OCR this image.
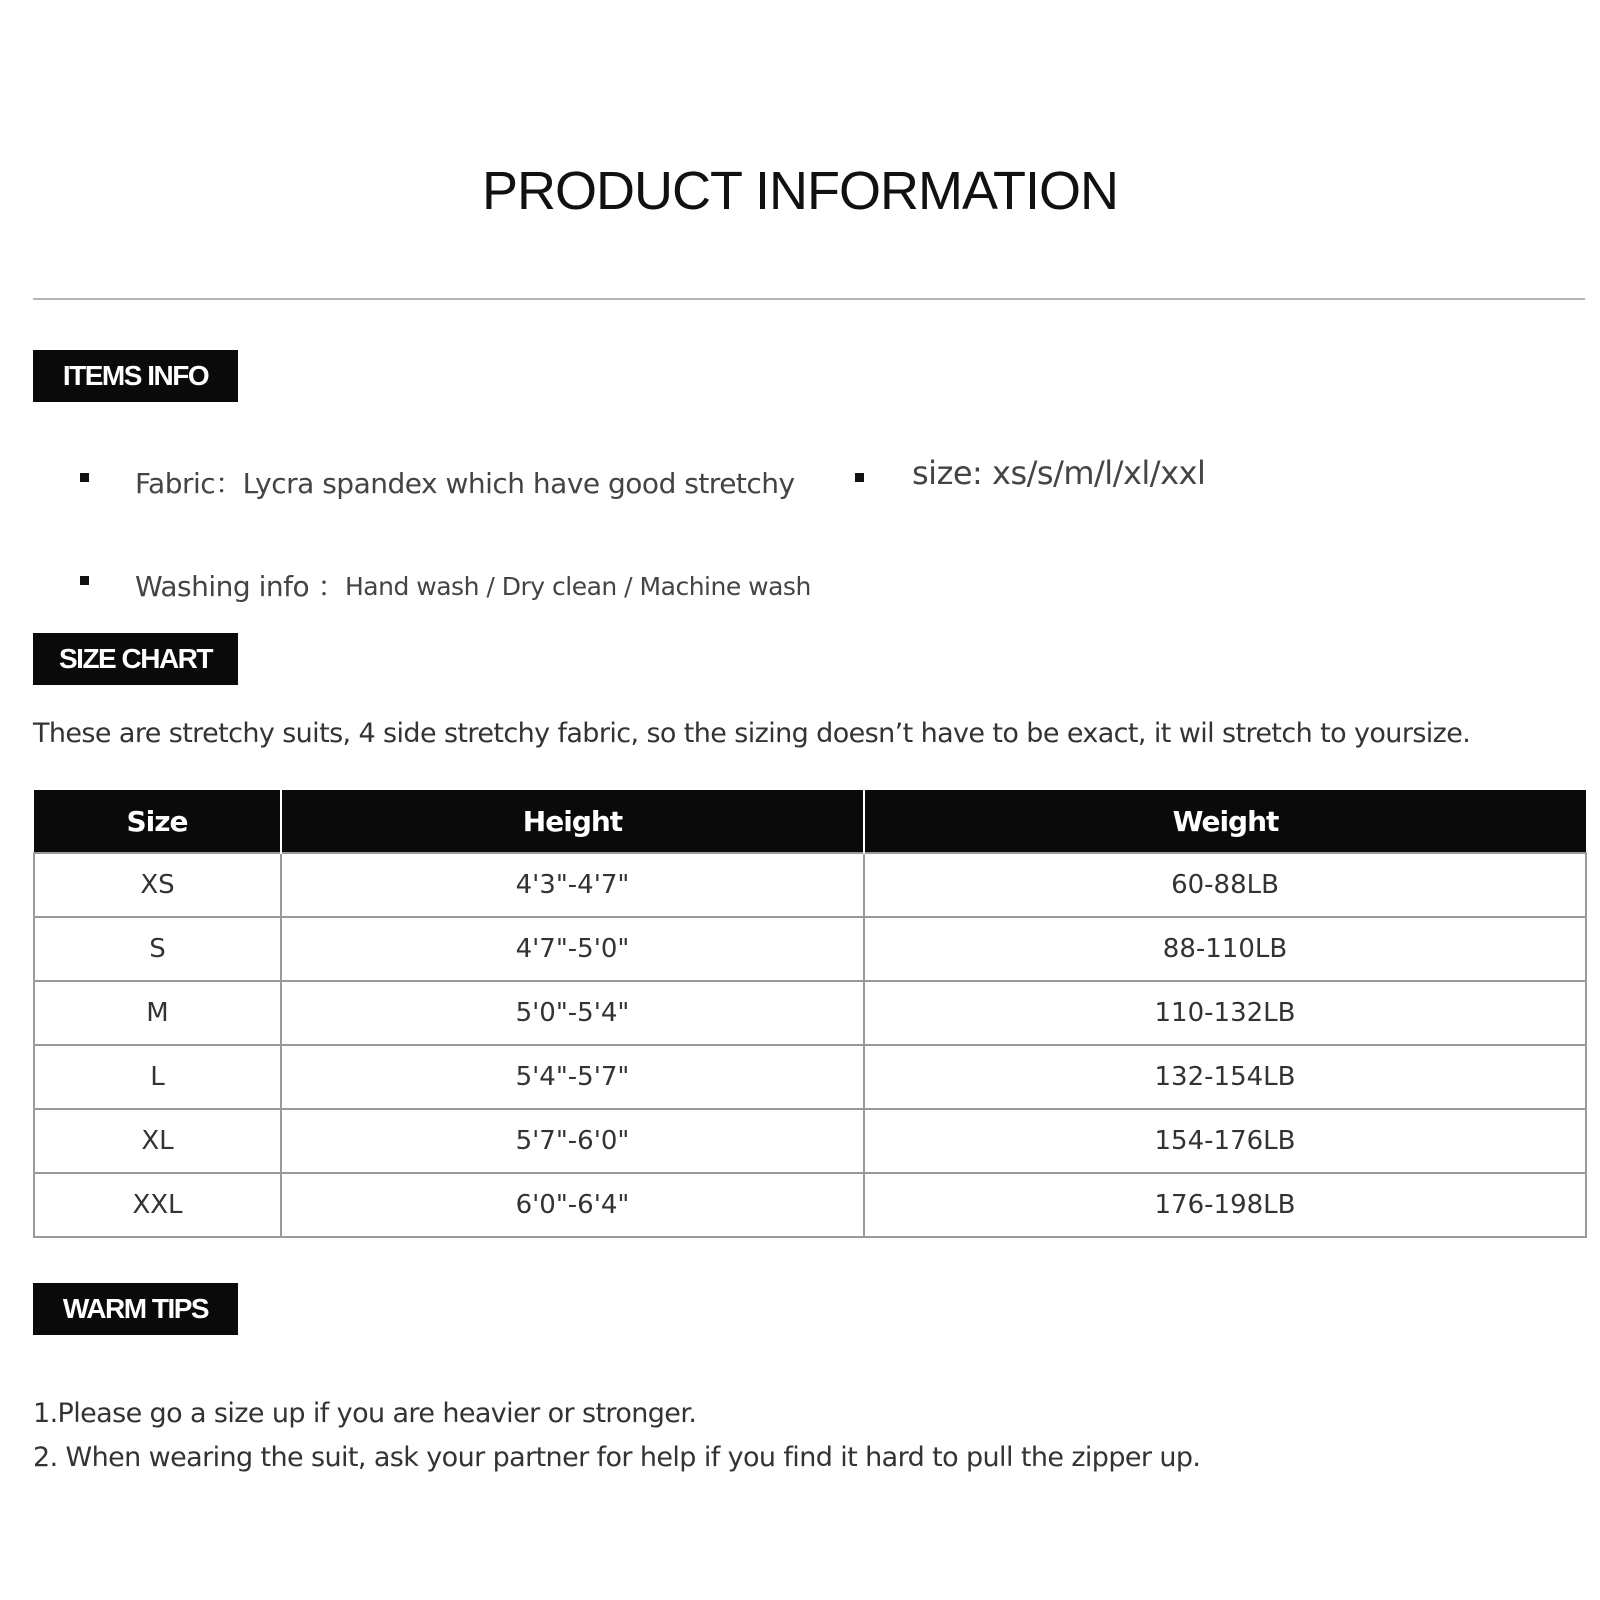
PRODUCT INFORMATION
ITEMS INFO
Fabric：Lycra spandex which have good stretchy	size: xs/s/m/l/xl/xxl
Washing info ： Hand wash / Dry clean / Machine wash
SIZE CHART
These are stretchy suits, 4 side stretchy fabric, so the sizing doesn’t have to be exact, it wil stretch to yoursize.
Size	Height	Weight
XS	4'3"-4'7"	60-88LB
S	4'7"-5'0"	88-110LB
M	5'0"-5'4"	110-132LB
L	5'4"-5'7"	132-154LB
XL	5'7"-6'0"	154-176LB
XXL	6'0"-6'4"	176-198LB
WARM TIPS
1.Please go a size up if you are heavier or stronger.
2. When wearing the suit, ask your partner for help if you find it hard to pull the zipper up.
